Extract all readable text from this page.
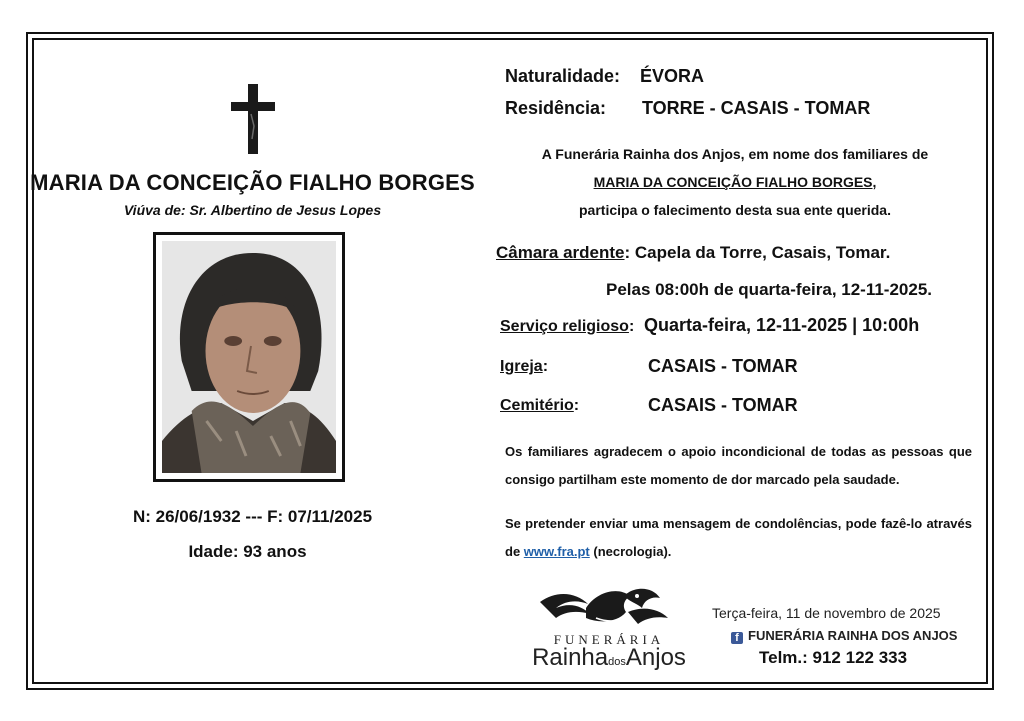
MARIA DA CONCEIÇÃO FIALHO BORGES
Viúva de: Sr. Albertino de Jesus Lopes
N: 26/06/1932 --- F: 07/11/2025
Idade: 93 anos
Naturalidade: ÉVORA
Residência: TORRE - CASAIS - TOMAR
A Funerária Rainha dos Anjos, em nome dos familiares de
MARIA DA CONCEIÇÃO FIALHO BORGES,
participa o falecimento desta sua ente querida.
Câmara ardente: Capela da Torre, Casais, Tomar.
Pelas 08:00h de quarta-feira, 12-11-2025.
Serviço religioso: Quarta-feira, 12-11-2025 | 10:00h
Igreja:	CASAIS - TOMAR
Cemitério:	CASAIS - TOMAR
Os familiares agradecem o apoio incondicional de todas as pessoas que consigo partilham este momento de dor marcado pela saudade.
Se pretender enviar uma mensagem de condolências, pode fazê-lo através de www.fra.pt (necrologia).
FUNERÁRIA
RainhadosAnjos
Terça-feira, 11 de novembro de 2025
f FUNERÁRIA RAINHA DOS ANJOS
Telm.: 912 122 333
